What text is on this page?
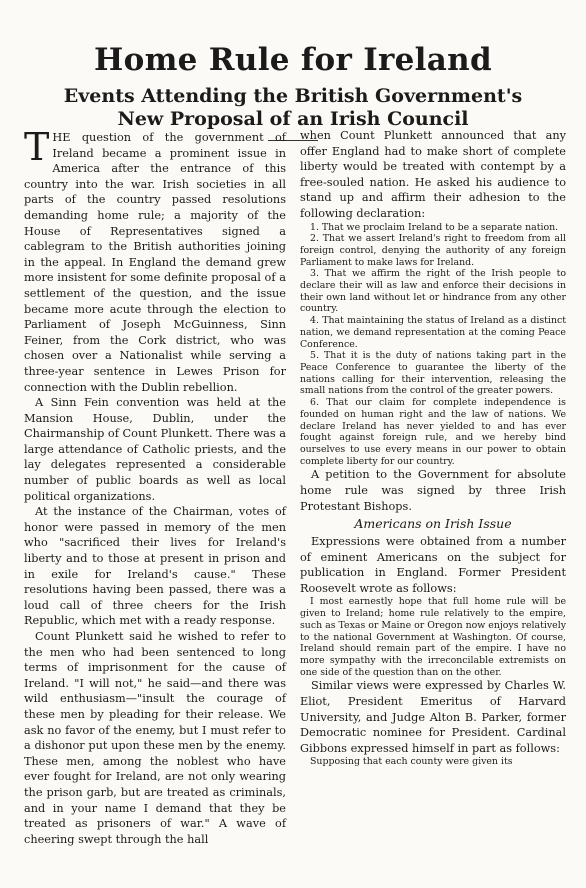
Home Rule for Ireland
Events Attending the British Government's New Proposal of an Irish Council

THE question of the government of Ireland became a prominent issue in America after the entrance of this country into the war. Irish societies in all parts of the country passed resolutions demanding home rule; a majority of the House of Representatives signed a cablegram to the British authorities joining in the appeal. In England the demand grew more insistent for some definite proposal of a settlement of the question, and the issue became more acute through the election to Parliament of Joseph McGuinness, Sinn Feiner, from the Cork district, who was chosen over a Nationalist while serving a three-year sentence in Lewes Prison for connection with the Dublin rebellion.

A Sinn Fein convention was held at the Mansion House, Dublin, under the Chairmanship of Count Plunkett. There was a large attendance of Catholic priests, and the lay delegates represented a considerable number of public boards as well as local political organizations.

At the instance of the Chairman, votes of honor were passed in memory of the men who "sacrificed their lives for Ireland's liberty and to those at present in prison and in exile for Ireland's cause." These resolutions having been passed, there was a loud call of three cheers for the Irish Republic, which met with a ready response.

Count Plunkett said he wished to refer to the men who had been sentenced to long terms of imprisonment for the cause of Ireland. "I will not," he said—and there was wild enthusiasm—"insult the courage of these men by pleading for their release. We ask no favor of the enemy, but I must refer to a dishonor put upon these men by the enemy. These men, among the noblest who have ever fought for Ireland, are not only wearing the prison garb, but are treated as criminals, and in your name I demand that they be treated as prisoners of war." A wave of cheering swept through the hall

when Count Plunkett announced that any offer England had to make short of complete liberty would be treated with contempt by a free-souled nation. He asked his audience to stand up and affirm their adhesion to the following declaration:

1. That we proclaim Ireland to be a separate nation.

2. That we assert Ireland's right to freedom from all foreign control, denying the authority of any foreign Parliament to make laws for Ireland.

3. That we affirm the right of the Irish people to declare their will as law and enforce their decisions in their own land without let or hindrance from any other country.

4. That maintaining the status of Ireland as a distinct nation, we demand representation at the coming Peace Conference.

5. That it is the duty of nations taking part in the Peace Conference to guarantee the liberty of the nations calling for their intervention, releasing the small nations from the control of the greater powers.

6. That our claim for complete independence is founded on human right and the law of nations. We declare Ireland has never yielded to and has ever fought against foreign rule, and we hereby bind ourselves to use every means in our power to obtain complete liberty for our country.

A petition to the Government for absolute home rule was signed by three Irish Protestant Bishops.

Americans on Irish Issue

Expressions were obtained from a number of eminent Americans on the subject for publication in England. Former President Roosevelt wrote as follows:

I most earnestly hope that full home rule will be given to Ireland; home rule relatively to the empire, such as Texas or Maine or Oregon now enjoys relatively to the national Government at Washington. Of course, Ireland should remain part of the empire. I have no more sympathy with the irreconcilable extremists on one side of the question than on the other.

Similar views were expressed by Charles W. Eliot, President Emeritus of Harvard University, and Judge Alton B. Parker, former Democratic nominee for President. Cardinal Gibbons expressed himself in part as follows:

Supposing that each county were given its
